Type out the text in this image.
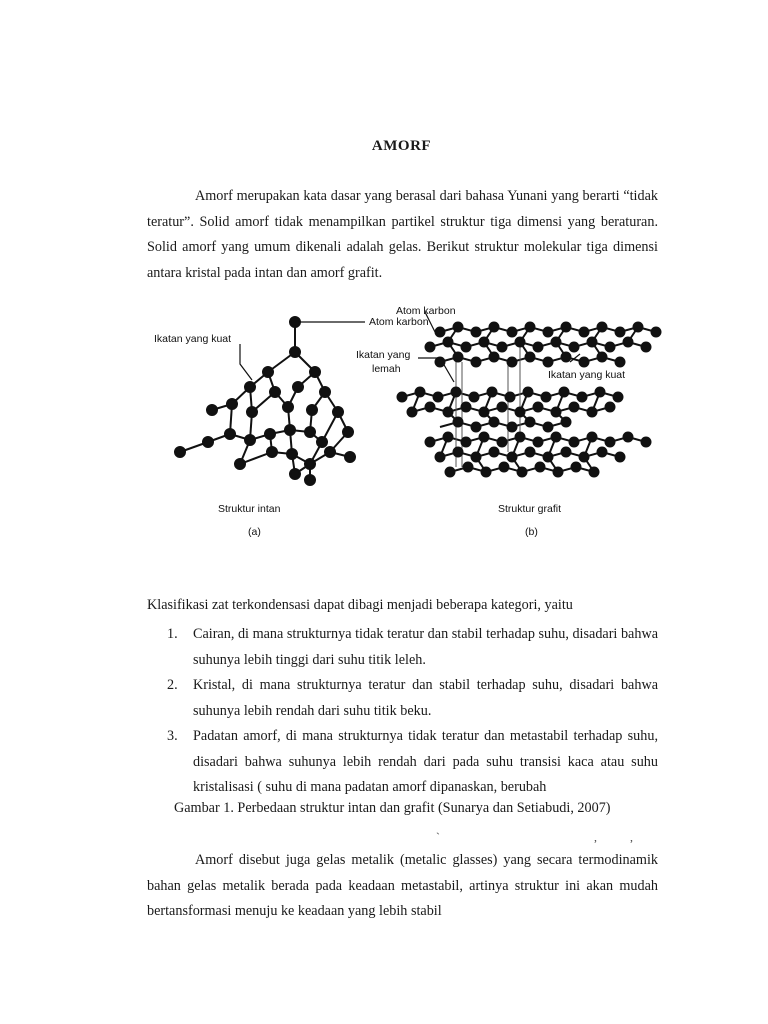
AMORF
Amorf merupakan kata dasar yang berasal dari bahasa Yunani yang berarti “tidak teratur”. Solid amorf tidak menampilkan partikel struktur tiga dimensi yang beraturan. Solid amorf yang umum dikenali adalah gelas. Berikut struktur molekular tiga dimensi antara kristal pada intan dan amorf grafit.
Atom karbon
Ikatan yang kuat
Struktur intan
(a)
Atom karbon
Ikatan yang
lemah	Ikatan yang kuat
Struktur grafit
(b)
Klasifikasi zat terkondensasi dapat dibagi menjadi beberapa kategori, yaitu
1. Cairan, di mana strukturnya tidak teratur dan stabil terhadap suhu, disadari bahwa suhunya lebih tinggi dari suhu titik leleh.
2. Kristal, di mana strukturnya teratur dan stabil terhadap suhu, disadari bahwa suhunya lebih rendah dari suhu titik beku.
3. Padatan amorf, di mana strukturnya tidak teratur dan metastabil terhadap suhu, disadari bahwa suhunya lebih rendah dari pada suhu transisi kaca atau suhu kristalisasi ( suhu di mana padatan amorf dipanaskan, berubah
Gambar 1. Perbedaan struktur intan dan grafit (Sunarya dan Setiabudi, 2007)
`	,	,
Amorf disebut juga gelas metalik (metalic glasses) yang secara termodinamik bahan gelas metalik berada pada keadaan metastabil, artinya struktur ini akan mudah bertansformasi menuju ke keadaan yang lebih stabil
